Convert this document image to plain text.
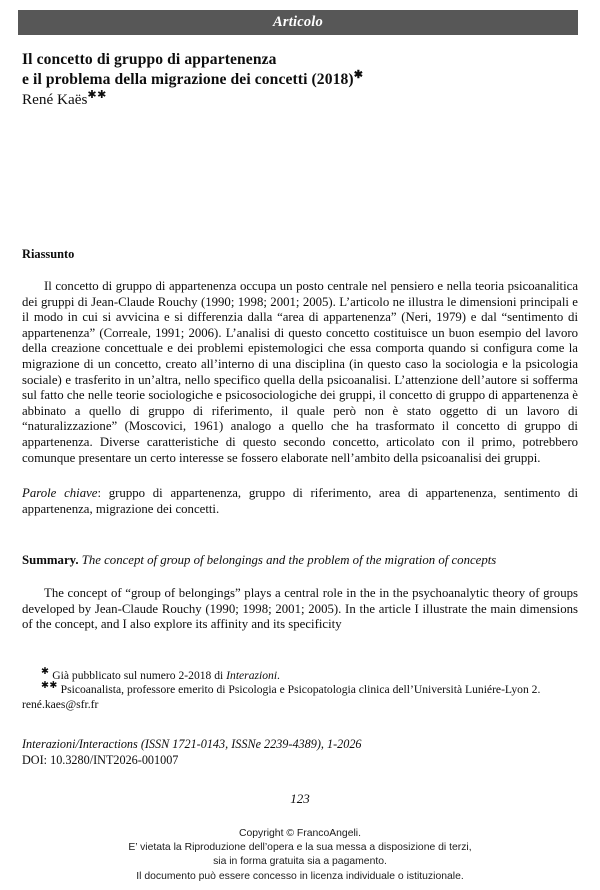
Articolo
Il concetto di gruppo di appartenenza
e il problema della migrazione dei concetti (2018)✱

René Kaës✱✱

Riassunto

Il concetto di gruppo di appartenenza occupa un posto centrale nel pensiero e nella teoria psicoanalitica dei gruppi di Jean-Claude Rouchy (1990; 1998; 2001; 2005). L’articolo ne illustra le dimensioni principali e il modo in cui si avvicina e si differenzia dalla “area di appartenenza” (Neri, 1979) e dal “sentimento di appartenenza” (Correale, 1991; 2006). L’analisi di questo concetto costituisce un buon esempio del lavoro della creazione concettuale e dei problemi epistemologici che essa comporta quando si configura come la migrazione di un concetto, creato all’interno di una disciplina (in questo caso la sociologia e la psicologia sociale) e trasferito in un’altra, nello specifico quella della psicoanalisi. L’attenzione dell’autore si sofferma sul fatto che nelle teorie sociologiche e psicosociologiche dei gruppi, il concetto di gruppo di appartenenza è abbinato a quello di gruppo di riferimento, il quale però non è stato oggetto di un lavoro di “naturalizzazione” (Moscovici, 1961) analogo a quello che ha trasformato il concetto di gruppo di appartenenza. Diverse caratteristiche di questo secondo concetto, articolato con il primo, potrebbero comunque presentare un certo interesse se fossero elaborate nell’ambito della psicoanalisi dei gruppi.

Parole chiave: gruppo di appartenenza, gruppo di riferimento, area di appartenenza, sentimento di appartenenza, migrazione dei concetti.

Summary. The concept of group of belongings and the problem of the migration of concepts

The concept of “group of belongings” plays a central role in the in the psychoanalytic theory of groups developed by Jean-Claude Rouchy (1990; 1998; 2001; 2005). In the article I illustrate the main dimensions of the concept, and I also explore its affinity and its specificity

✱ Già pubblicato sul numero 2-2018 di Interazioni.

✱✱ Psicoanalista, professore emerito di Psicologia e Psicopatologia clinica dell’Università Luniére-Lyon 2. rené.kaes@sfr.fr

Interazioni/Interactions (ISSN 1721-0143, ISSNe 2239-4389), 1-2026

DOI: 10.3280/INT2026-001007

123
Copyright © FrancoAngeli.
E’ vietata la Riproduzione dell’opera e la sua messa a disposizione di terzi,
sia in forma gratuita sia a pagamento.
Il documento può essere concesso in licenza individuale o istituzionale.
